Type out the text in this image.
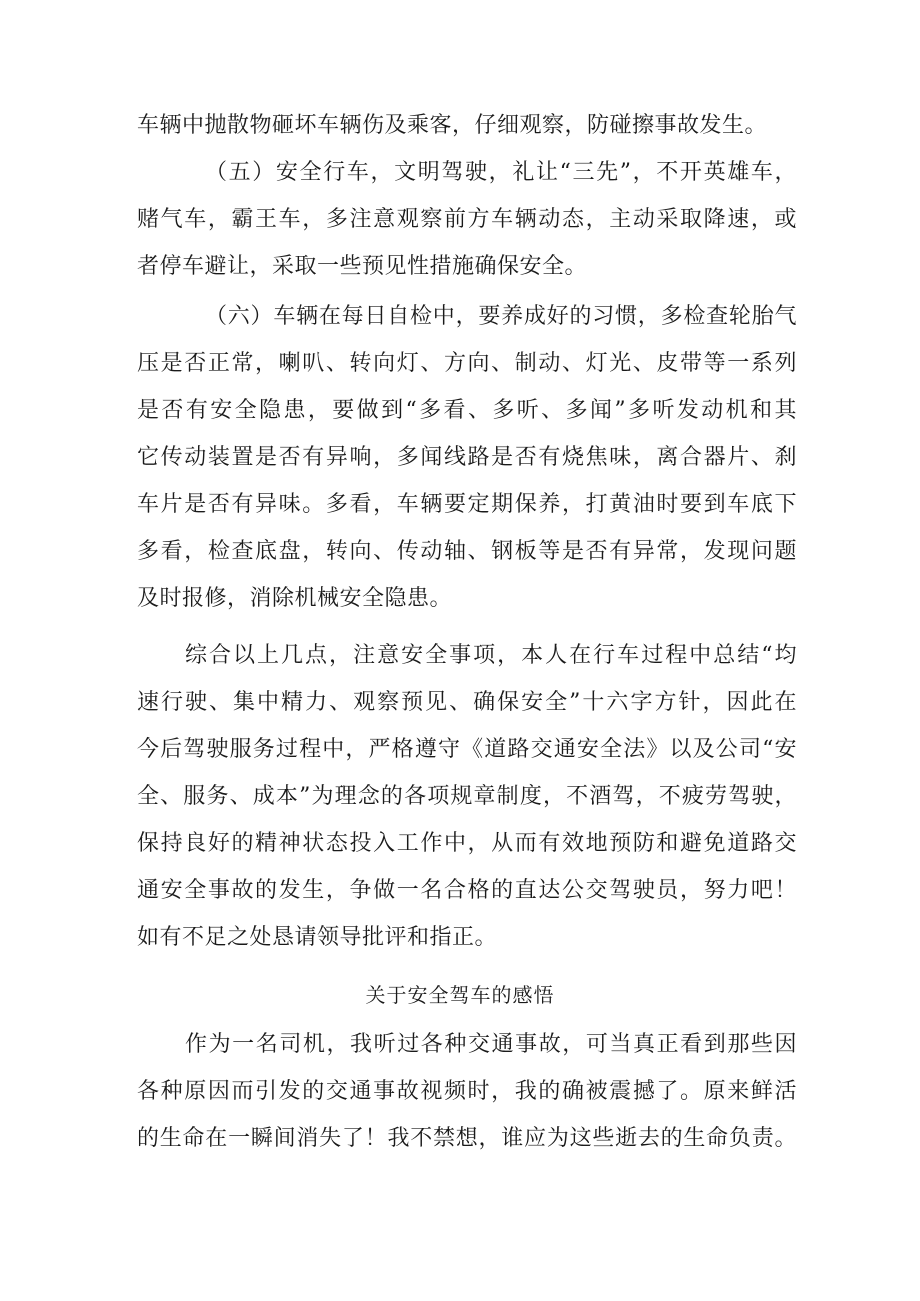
车辆中抛散物砸坏车辆伤及乘客，仔细观察，防碰擦事故发生。
（五）安全行车，文明驾驶，礼让“三先”，不开英雄车，
赌气车，霸王车，多注意观察前方车辆动态，主动采取降速，或
者停车避让，采取一些预见性措施确保安全。
（六）车辆在每日自检中，要养成好的习惯，多检查轮胎气
压是否正常，喇叭、转向灯、方向、制动、灯光、皮带等一系列
是否有安全隐患，要做到“多看、多听、多闻”多听发动机和其
它传动装置是否有异响，多闻线路是否有烧焦味，离合器片、刹
车片是否有异味。多看，车辆要定期保养，打黄油时要到车底下
多看，检查底盘，转向、传动轴、钢板等是否有异常，发现问题
及时报修，消除机械安全隐患。
综合以上几点，注意安全事项，本人在行车过程中总结“均
速行驶、集中精力、观察预见、确保安全”十六字方针，因此在
今后驾驶服务过程中，严格遵守《道路交通安全法》以及公司“安
全、服务、成本”为理念的各项规章制度，不酒驾，不疲劳驾驶，
保持良好的精神状态投入工作中，从而有效地预防和避免道路交
通安全事故的发生，争做一名合格的直达公交驾驶员，努力吧！
如有不足之处恳请领导批评和指正。
关于安全驾车的感悟
作为一名司机，我听过各种交通事故，可当真正看到那些因
各种原因而引发的交通事故视频时，我的确被震撼了。原来鲜活
的生命在一瞬间消失了！我不禁想，谁应为这些逝去的生命负责。
